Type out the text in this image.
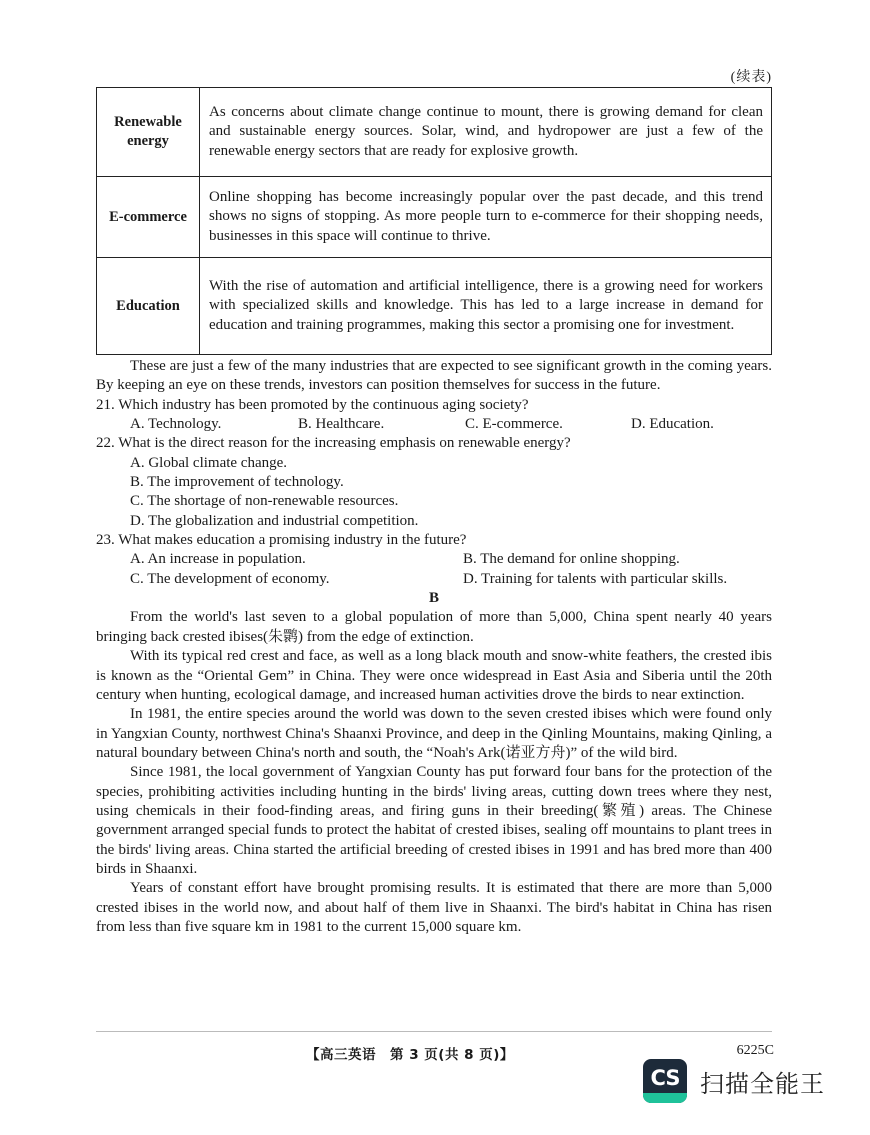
(续表)
Renewable energy	As concerns about climate change continue to mount, there is growing demand for clean and sustainable energy sources. Solar, wind, and hydropower are just a few of the renewable energy sectors that are ready for explosive growth.
E-commerce	Online shopping has become increasingly popular over the past decade, and this trend shows no signs of stopping. As more people turn to e-commerce for their shopping needs, businesses in this space will continue to thrive.
Education	With the rise of automation and artificial intelligence, there is a growing need for workers with specialized skills and knowledge. This has led to a large increase in demand for education and training programmes, making this sector a promising one for investment.

These are just a few of the many industries that are expected to see significant growth in the coming years. By keeping an eye on these trends, investors can position themselves for success in the future.

21. Which industry has been promoted by the continuous aging society?
A. Technology.	B. Healthcare.	C. E-commerce.	D. Education.
22. What is the direct reason for the increasing emphasis on renewable energy?
A. Global climate change.
B. The improvement of technology.
C. The shortage of non-renewable resources.
D. The globalization and industrial competition.
23. What makes education a promising industry in the future?
A. An increase in population.	B. The demand for online shopping.
C. The development of economy.	D. Training for talents with particular skills.
B

From the world's last seven to a global population of more than 5,000, China spent nearly 40 years bringing back crested ibises(朱鹮) from the edge of extinction.

With its typical red crest and face, as well as a long black mouth and snow-white feathers, the crested ibis is known as the “Oriental Gem” in China. They were once widespread in East Asia and Siberia until the 20th century when hunting, ecological damage, and increased human activities drove the birds to near extinction.

In 1981, the entire species around the world was down to the seven crested ibises which were found only in Yangxian County, northwest China's Shaanxi Province, and deep in the Qinling Mountains, making Qinling, a natural boundary between China's north and south, the “Noah's Ark(诺亚方舟)” of the wild bird.

Since 1981, the local government of Yangxian County has put forward four bans for the protection of the species, prohibiting activities including hunting in the birds' living areas, cutting down trees where they nest, using chemicals in their food-finding areas, and firing guns in their breeding(繁殖) areas. The Chinese government arranged special funds to protect the habitat of crested ibises, sealing off mountains to plant trees in the birds' living areas. China started the artificial breeding of crested ibises in 1991 and has bred more than 400 birds in Shaanxi.

Years of constant effort have brought promising results. It is estimated that there are more than 5,000 crested ibises in the world now, and about half of them live in Shaanxi. The bird's habitat in China has risen from less than five square km in 1981 to the current 15,000 square km.

【高三英语　第 3 页(共 8 页)】	6225C
CS 扫描全能王
